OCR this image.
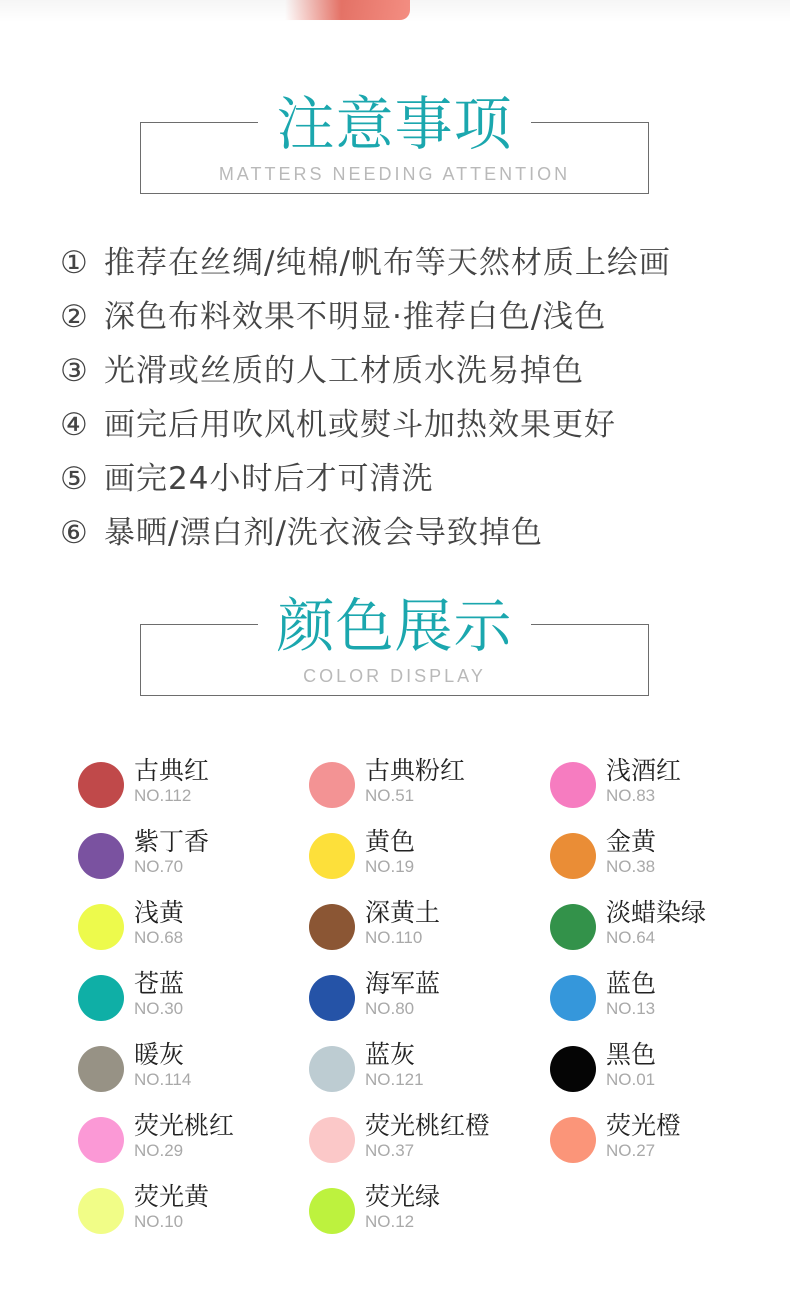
注意事项
MATTERS NEEDING ATTENTION
① 推荐在丝绸/纯棉/帆布等天然材质上绘画
② 深色布料效果不明显·推荐白色/浅色
③ 光滑或丝质的人工材质水洗易掉色
④ 画完后用吹风机或熨斗加热效果更好
⑤ 画完24小时后才可清洗
⑥ 暴晒/漂白剂/洗衣液会导致掉色
颜色展示
COLOR DISPLAY
古典红
NO.112
古典粉红
NO.51
浅酒红
NO.83
紫丁香
NO.70
黄色
NO.19
金黄
NO.38
浅黄
NO.68
深黄土
NO.110
淡蜡染绿
NO.64
苍蓝
NO.30
海军蓝
NO.80
蓝色
NO.13
暖灰
NO.114
蓝灰
NO.121
黑色
NO.01
荧光桃红
NO.29
荧光桃红橙
NO.37
荧光橙
NO.27
荧光黄
NO.10
荧光绿
NO.12
